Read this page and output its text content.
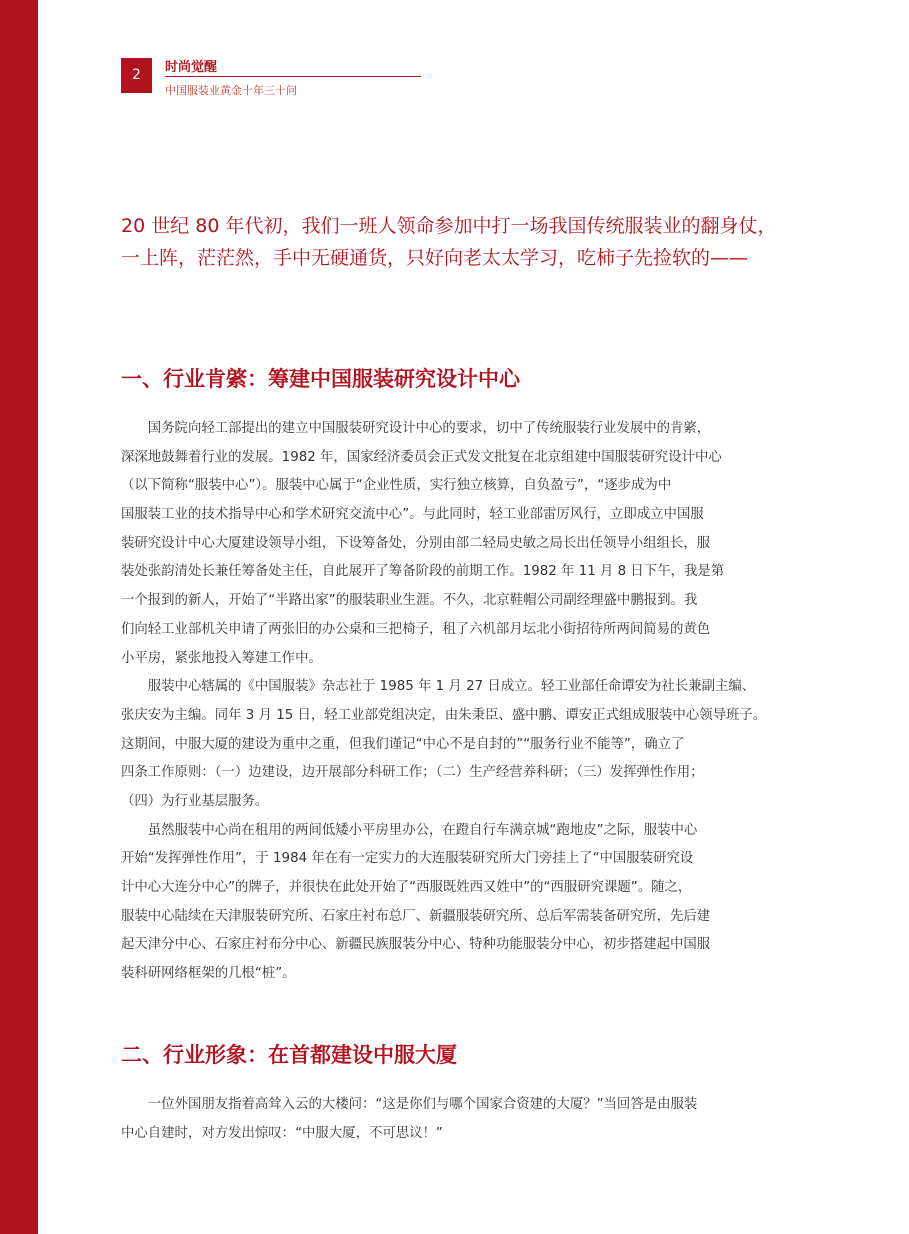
2	时尚觉醒
中国服装业黄金十年三十问
20 世纪 80 年代初，我们一班人领命参加中打一场我国传统服装业的翻身仗，
一上阵，茫茫然，手中无硬通货，只好向老太太学习，吃柿子先捡软的——
一、行业肯綮：筹建中国服装研究设计中心
　　国务院向轻工部提出的建立中国服装研究设计中心的要求，切中了传统服装行业发展中的肯綮，
深深地鼓舞着行业的发展。1982 年，国家经济委员会正式发文批复在北京组建中国服装研究设计中心
（以下简称“服装中心”）。服装中心属于“企业性质，实行独立核算，自负盈亏”，“逐步成为中
国服装工业的技术指导中心和学术研究交流中心”。与此同时，轻工业部雷厉风行，立即成立中国服
装研究设计中心大厦建设领导小组，下设筹备处，分别由部二轻局史敏之局长出任领导小组组长，服
装处张韵清处长兼任筹备处主任，自此展开了筹备阶段的前期工作。1982 年 11 月 8 日下午，我是第
一个报到的新人，开始了“半路出家”的服装职业生涯。不久，北京鞋帽公司副经理盛中鹏报到。我
们向轻工业部机关申请了两张旧的办公桌和三把椅子，租了六机部月坛北小街招待所两间简易的黄色
小平房，紧张地投入筹建工作中。
　　服装中心辖属的《中国服装》杂志社于 1985 年 1 月 27 日成立。轻工业部任命谭安为社长兼副主编、
张庆安为主编。同年 3 月 15 日，轻工业部党组决定，由朱秉臣、盛中鹏、谭安正式组成服装中心领导班子。
这期间，中服大厦的建设为重中之重，但我们谨记“中心不是自封的”“服务行业不能等”，确立了
四条工作原则：（一）边建设，边开展部分科研工作；（二）生产经营养科研；（三）发挥弹性作用；
（四）为行业基层服务。
　　虽然服装中心尚在租用的两间低矮小平房里办公，在蹬自行车满京城“跑地皮”之际，服装中心
开始“发挥弹性作用”，于 1984 年在有一定实力的大连服装研究所大门旁挂上了“中国服装研究设
计中心大连分中心”的牌子，并很快在此处开始了“西服既姓西又姓中”的“西服研究课题”。随之，
服装中心陆续在天津服装研究所、石家庄衬布总厂、新疆服装研究所、总后军需装备研究所，先后建
起天津分中心、石家庄衬布分中心、新疆民族服装分中心、特种功能服装分中心，初步搭建起中国服
装科研网络框架的几根“桩”。
二、行业形象：在首都建设中服大厦
　　一位外国朋友指着高耸入云的大楼问：“这是你们与哪个国家合资建的大厦？”当回答是由服装
中心自建时，对方发出惊叹：“中服大厦，不可思议！”
